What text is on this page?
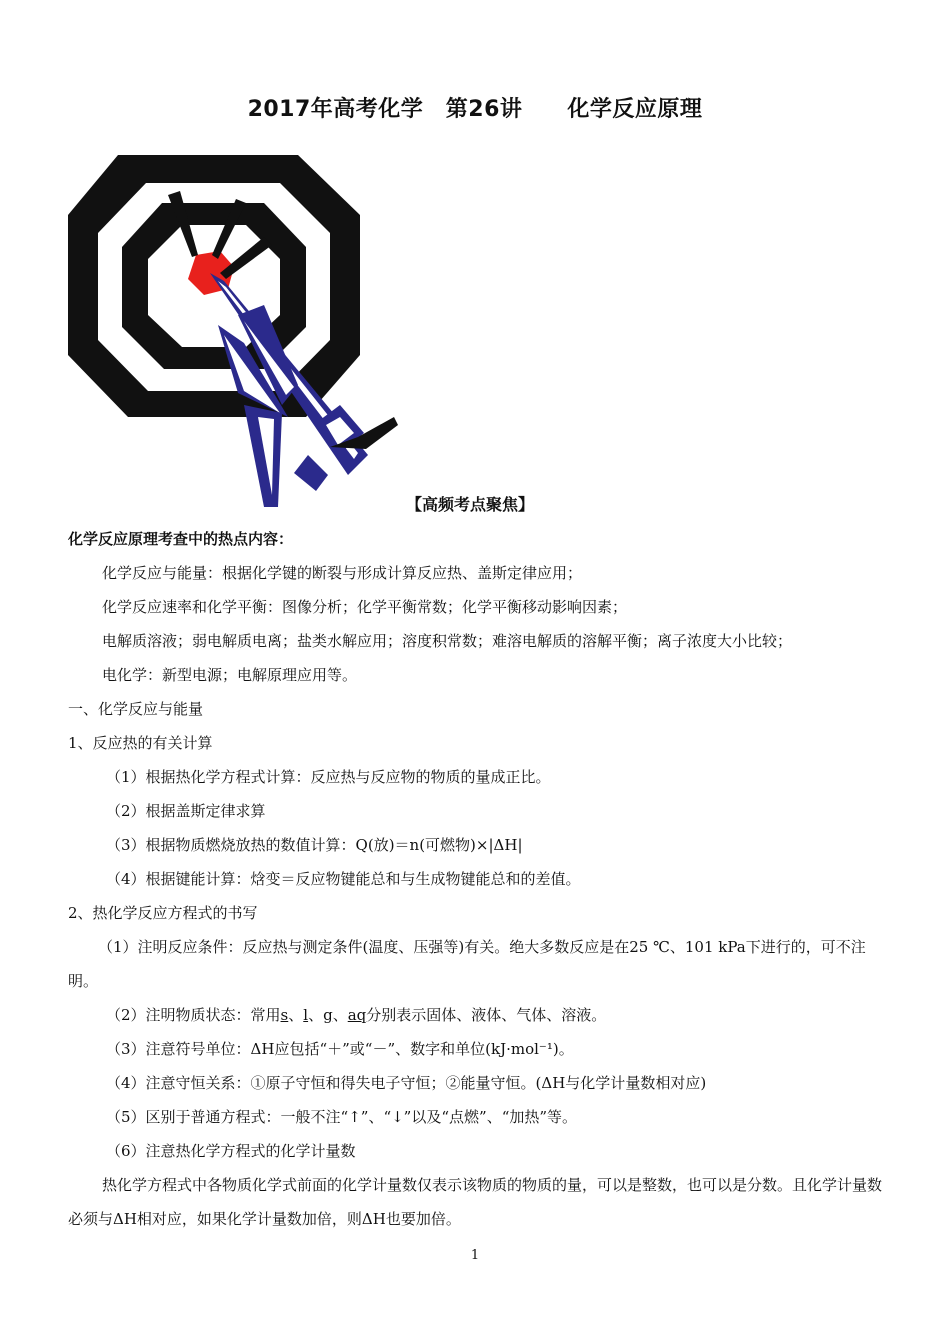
2017年高考化学　第26讲　　化学反应原理
【高频考点聚焦】
化学反应原理考查中的热点内容：
化学反应与能量：根据化学键的断裂与形成计算反应热、盖斯定律应用；
化学反应速率和化学平衡：图像分析；化学平衡常数；化学平衡移动影响因素；
电解质溶液；弱电解质电离；盐类水解应用；溶度积常数；难溶电解质的溶解平衡；离子浓度大小比较；
电化学：新型电源；电解原理应用等。
一、化学反应与能量
1、反应热的有关计算
（1）根据热化学方程式计算：反应热与反应物的物质的量成正比。
（2）根据盖斯定律求算
（3）根据物质燃烧放热的数值计算：Q(放)＝n(可燃物)×|ΔH|
（4）根据键能计算：焓变＝反应物键能总和与生成物键能总和的差值。
2、热化学反应方程式的书写
（1）注明反应条件：反应热与测定条件(温度、压强等)有关。绝大多数反应是在25 ℃、101 kPa下进行的，可不注明。
（2）注明物质状态：常用s、l、g、aq分别表示固体、液体、气体、溶液。
（3）注意符号单位：ΔH应包括“＋”或“－”、数字和单位(kJ·mol⁻¹)。
（4）注意守恒关系：①原子守恒和得失电子守恒；②能量守恒。(ΔH与化学计量数相对应)
（5）区别于普通方程式：一般不注“↑”、“↓”以及“点燃”、“加热”等。
（6）注意热化学方程式的化学计量数
热化学方程式中各物质化学式前面的化学计量数仅表示该物质的物质的量，可以是整数，也可以是分数。且化学计量数必须与ΔH相对应，如果化学计量数加倍，则ΔH也要加倍。
1
